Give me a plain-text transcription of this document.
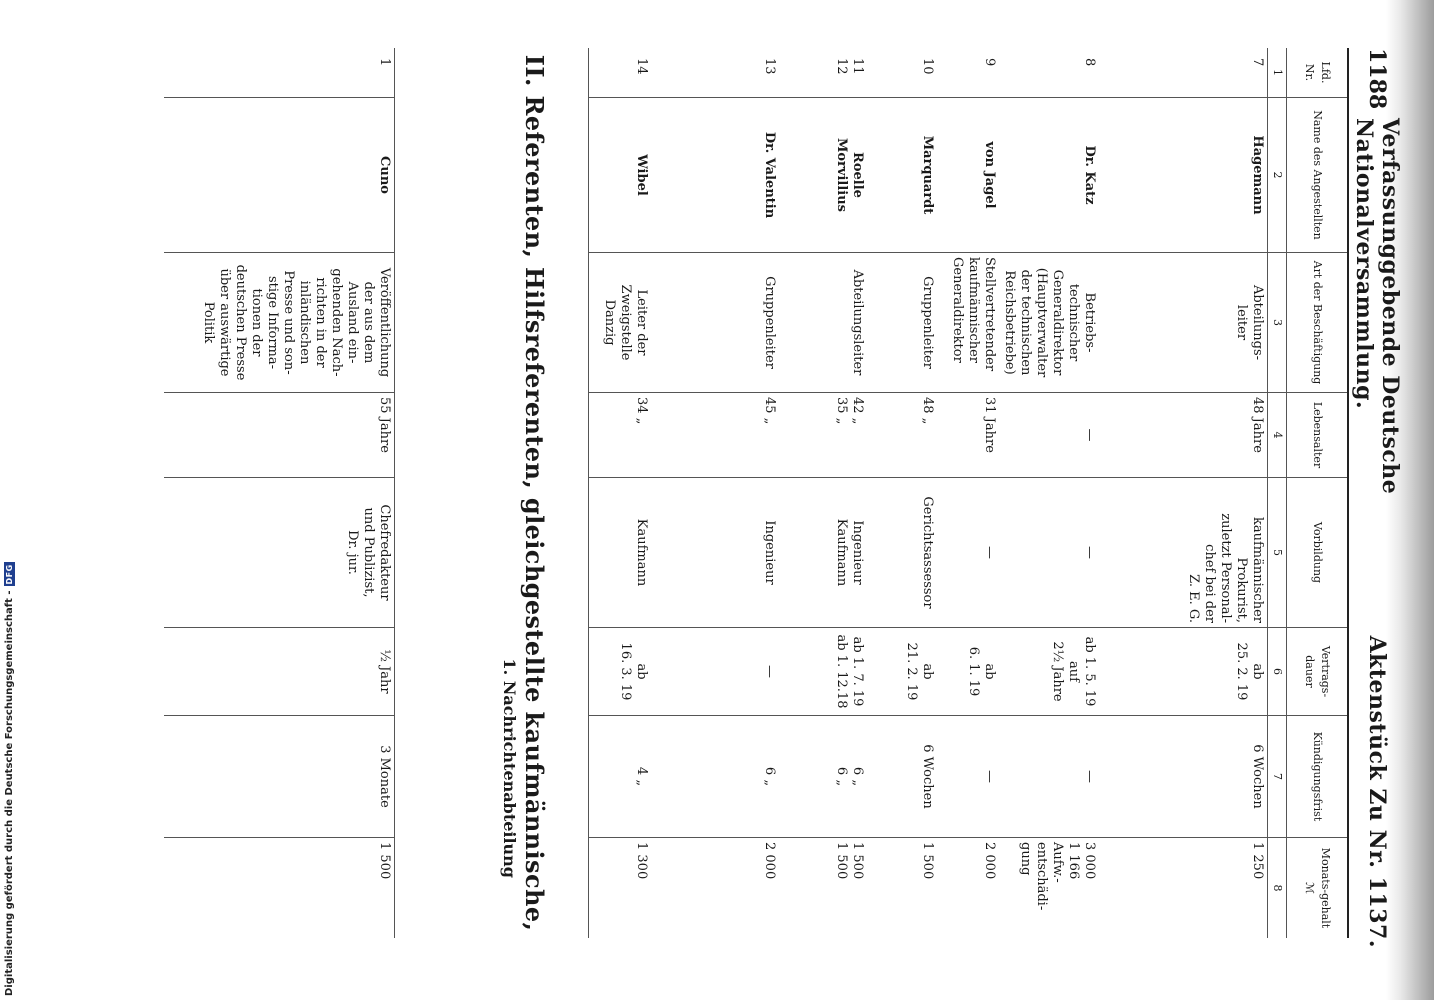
Digitalisierung gefördert durch die Deutsche Forschungsgemeinschaft -
DFG
1188
Verfassunggebende Deutsche Nationalversammlung.
Aktenstück Zu Nr. 1137.
Lfd. Nr.
Name des Angestellten
Art der Beschäftigung
Lebensalter
Vorbildung
Vertrags-dauer
Kündigungsfrist
Monats-gehalt ℳ
1
2
3
4
5
6
7
8
7
Hagemann
Abteilungs-
leiter
48 Jahre
kaufmännischer
Prokurist,
zuletzt Personal-
chef bei der
Z. E. G.
ab
25. 2. 19
6 Wochen
1 250
8
Dr. Katz
Betriebs-
technischer
Generaldirektor
(Hauptverwalter
der technischen
Reichsbetriebe)
—
—
ab 1. 5. 19
auf
2½ Jahre
—
3 000
1 166
Aufw.-
entschädi-
gung
9
von Jagel
Stellvertretender
kaufmännischer
Generaldirektor
31 Jahre
—
ab
6. 1. 19
—
2 000
10
Marquardt
Gruppenleiter
48 „
Gerichtsassessor
ab
21. 2. 19
6 Wochen
1 500
11
12
Roelle
Morvillius
Abteilungsleiter
42 „
35 „
Ingenieur
Kaufmann
ab 1. 7. 19
ab 1. 12.18
6 „
6 „
1 500
1 500
13
Dr. Valentin
Gruppenleiter
45 „
Ingenieur
—
6 „
2 000
14
Wibel
Leiter der
Zweigstelle
Danzig
34 „
Kaufmann
ab
16. 3. 19
4 „
1 300
II. Referenten, Hilfsreferenten, gleichgestellte kaufmännische,
1. Nachrichtenabteilung
1
Cuno
Veröffentlichung
der aus dem
Ausland ein-
gehenden Nach-
richten in der
inländischen
Presse und son-
stige Informa-
tionen der
deutschen Presse
über auswärtige
Politik
55 Jahre
Chefredakteur
und Publizist,
Dr. jur.
½ Jahr
3 Monate
1 500
